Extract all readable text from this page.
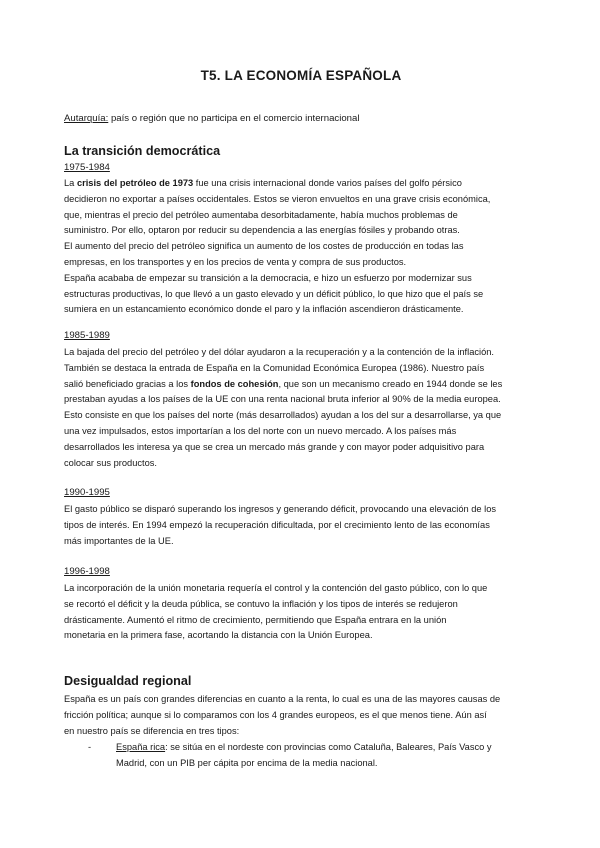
T5. LA ECONOMÍA ESPAÑOLA
Autarquía: país o región que no participa en el comercio internacional
La transición democrática
1975-1984
La crisis del petróleo de 1973 fue una crisis internacional donde varios países del golfo pérsico
decidieron no exportar a países occidentales. Estos se vieron envueltos en una grave crisis económica,
que, mientras el precio del petróleo aumentaba desorbitadamente, había muchos problemas de
suministro. Por ello, optaron por reducir su dependencia a las energías fósiles y probando otras.
El aumento del precio del petróleo significa un aumento de los costes de producción en todas las
empresas, en los transportes y en los precios de venta y compra de sus productos.
España acababa de empezar su transición a la democracia, e hizo un esfuerzo por modernizar sus
estructuras productivas, lo que llevó a un gasto elevado y un déficit público, lo que hizo que el país se
sumiera en un estancamiento económico donde el paro y la inflación ascendieron drásticamente.
1985-1989
La bajada del precio del petróleo y del dólar ayudaron a la recuperación y a la contención de la inflación.
También se destaca la entrada de España en la Comunidad Económica Europea (1986). Nuestro país
salió beneficiado gracias a los fondos de cohesión, que son un mecanismo creado en 1944 donde se les
prestaban ayudas a los países de la UE con una renta nacional bruta inferior al 90% de la media europea.
Esto consiste en que los países del norte (más desarrollados) ayudan a los del sur a desarrollarse, ya que
una vez impulsados, estos importarían a los del norte con un nuevo mercado. A los países más
desarrollados les interesa ya que se crea un mercado más grande y con mayor poder adquisitivo para
colocar sus productos.
1990-1995
El gasto público se disparó superando los ingresos y generando déficit, provocando una elevación de los
tipos de interés. En 1994 empezó la recuperación dificultada, por el crecimiento lento de las economías
más importantes de la UE.
1996-1998
La incorporación de la unión monetaria requería el control y la contención del gasto público, con lo que
se recortó el déficit y la deuda pública, se contuvo la inflación y los tipos de interés se redujeron
drásticamente. Aumentó el ritmo de crecimiento, permitiendo que España entrara en la unión
monetaria en la primera fase, acortando la distancia con la Unión Europea.
Desigualdad regional
España es un país con grandes diferencias en cuanto a la renta, lo cual es una de las mayores causas de
fricción política; aunque si lo comparamos con los 4 grandes europeos, es el que menos tiene. Aún así
en nuestro país se diferencia en tres tipos:
-	España rica: se sitúa en el nordeste con provincias como Cataluña, Baleares, País Vasco y
Madrid, con un PIB per cápita por encima de la media nacional.
